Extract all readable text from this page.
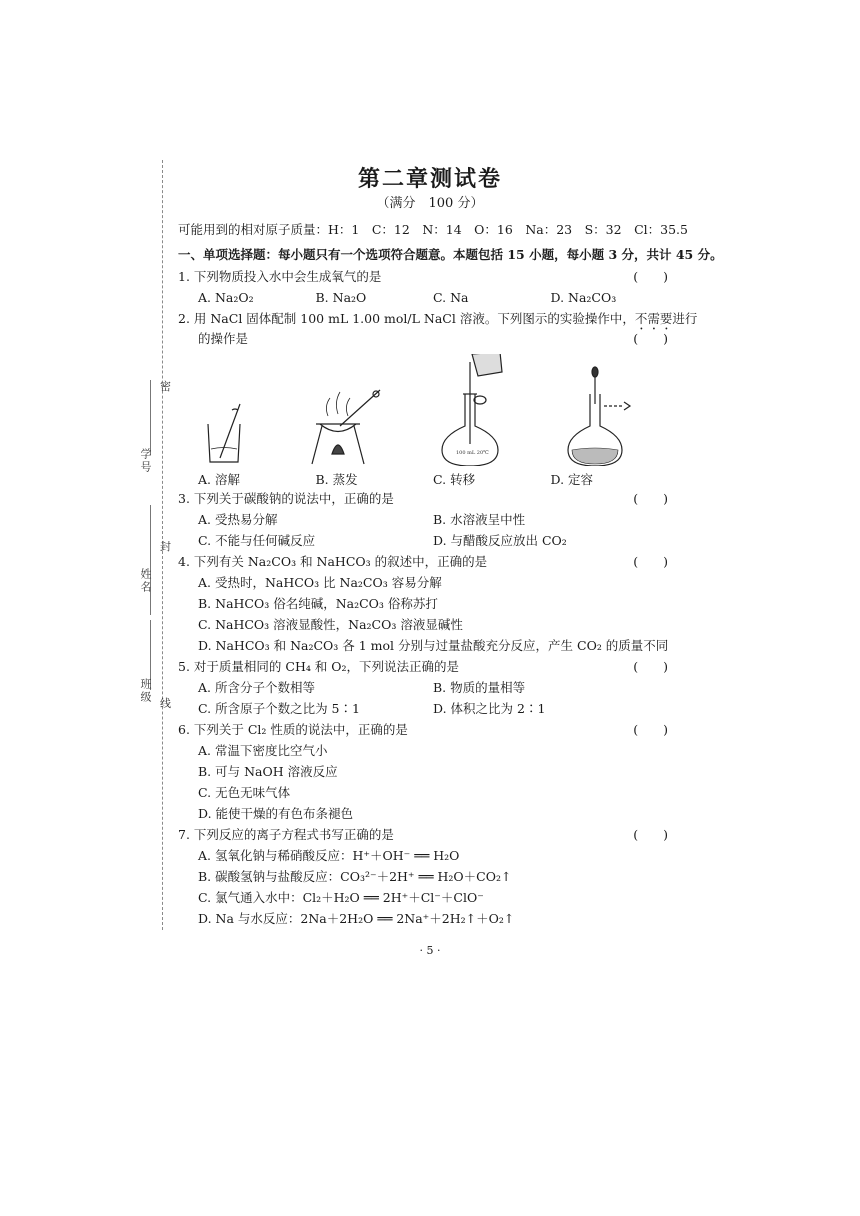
学号
姓名
班级
密
封
线
第二章测试卷
（满分　100 分）
可能用到的相对原子质量：H：1　C：12　N：14　O：16　Na：23　S：32　Cl：35.5
一、单项选择题：每小题只有一个选项符合题意。本题包括 15 小题，每小题 3 分，共计 45 分。
1. 下列物质投入水中会生成氧气的是	(　　)
A. Na₂O₂	B. Na₂O	C. Na	D. Na₂CO₃
2. 用 NaCl 固体配制 100 mL 1.00 mol/L NaCl 溶液。下列图示的实验操作中，不需要进行
的操作是	(　　)
100 mL 20℃
A. 溶解	B. 蒸发	C. 转移	D. 定容
3. 下列关于碳酸钠的说法中，正确的是	(　　)
A. 受热易分解	B. 水溶液呈中性
C. 不能与任何碱反应	D. 与醋酸反应放出 CO₂
4. 下列有关 Na₂CO₃ 和 NaHCO₃ 的叙述中，正确的是	(　　)
A. 受热时，NaHCO₃ 比 Na₂CO₃ 容易分解
B. NaHCO₃ 俗名纯碱，Na₂CO₃ 俗称苏打
C. NaHCO₃ 溶液显酸性，Na₂CO₃ 溶液显碱性
D. NaHCO₃ 和 Na₂CO₃ 各 1 mol 分别与过量盐酸充分反应，产生 CO₂ 的质量不同
5. 对于质量相同的 CH₄ 和 O₂，下列说法正确的是	(　　)
A. 所含分子个数相等	B. 物质的量相等
C. 所含原子个数之比为 5∶1	D. 体积之比为 2∶1
6. 下列关于 Cl₂ 性质的说法中，正确的是	(　　)
A. 常温下密度比空气小
B. 可与 NaOH 溶液反应
C. 无色无味气体
D. 能使干燥的有色布条褪色
7. 下列反应的离子方程式书写正确的是	(　　)
A. 氢氧化钠与稀硝酸反应：H⁺＋OH⁻ ══ H₂O
B. 碳酸氢钠与盐酸反应：CO₃²⁻＋2H⁺ ══ H₂O＋CO₂↑
C. 氯气通入水中：Cl₂＋H₂O ══ 2H⁺＋Cl⁻＋ClO⁻
D. Na 与水反应：2Na＋2H₂O ══ 2Na⁺＋2H₂↑＋O₂↑
· 5 ·
